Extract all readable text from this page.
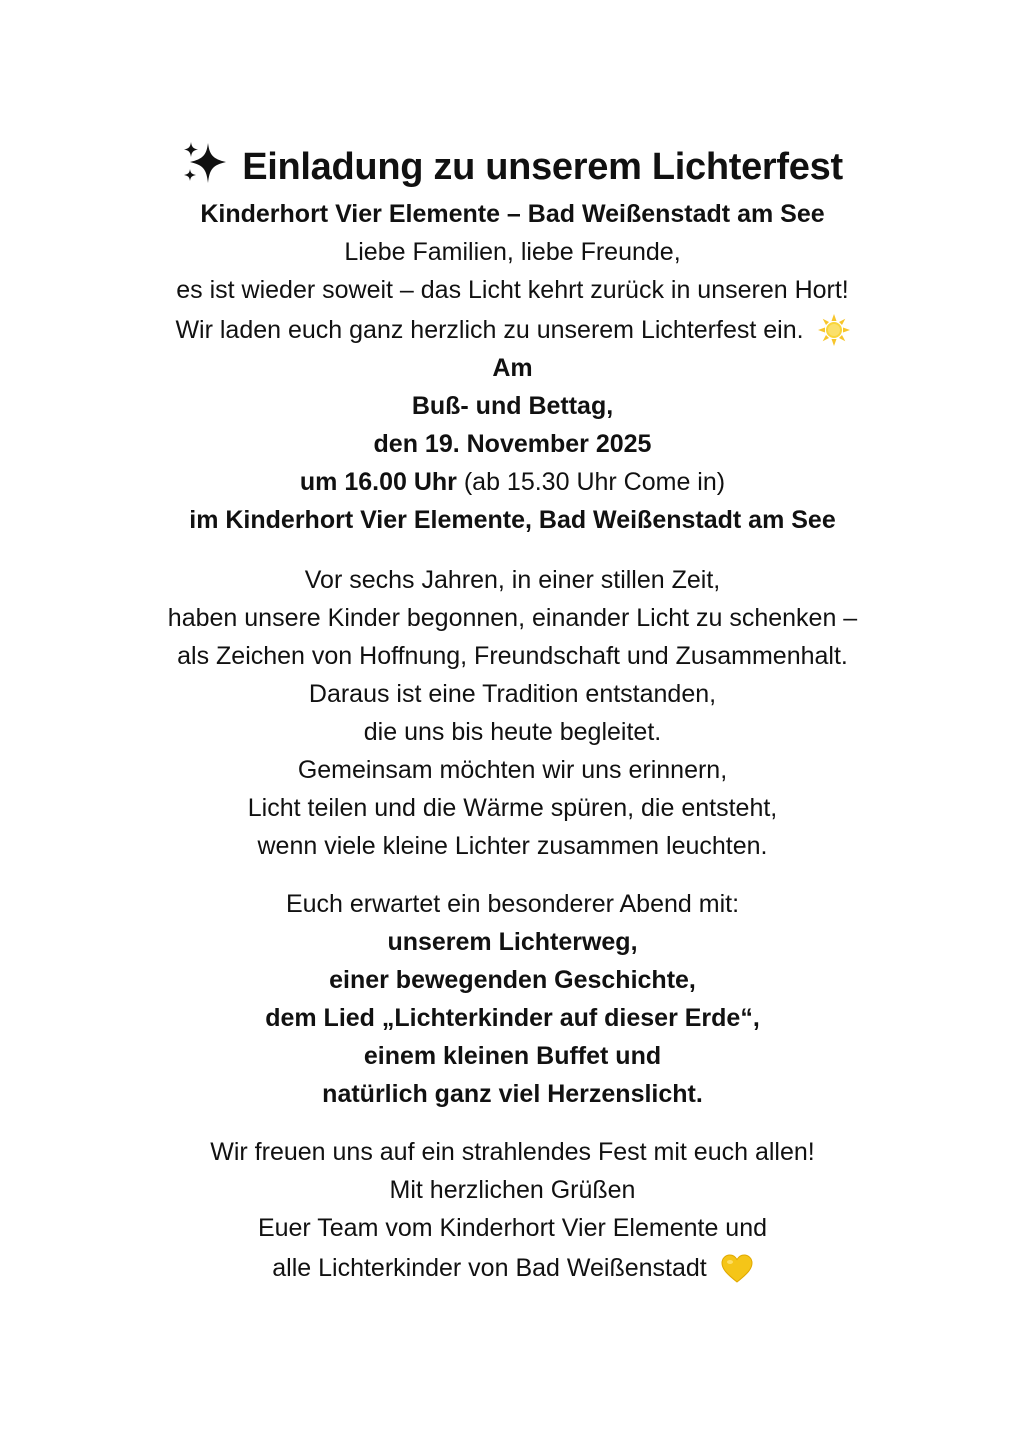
Einladung zu unserem Lichterfest
Kinderhort Vier Elemente – Bad Weißenstadt am See
Liebe Familien, liebe Freunde,
es ist wieder soweit – das Licht kehrt zurück in unseren Hort!
Wir laden euch ganz herzlich zu unserem Lichterfest ein.
Am
Buß- und Bettag,
den 19. November 2025
um 16.00 Uhr (ab 15.30 Uhr Come in)
im Kinderhort Vier Elemente, Bad Weißenstadt am See
Vor sechs Jahren, in einer stillen Zeit,
haben unsere Kinder begonnen, einander Licht zu schenken –
als Zeichen von Hoffnung, Freundschaft und Zusammenhalt.
Daraus ist eine Tradition entstanden,
die uns bis heute begleitet.
Gemeinsam möchten wir uns erinnern,
Licht teilen und die Wärme spüren, die entsteht,
wenn viele kleine Lichter zusammen leuchten.
Euch erwartet ein besonderer Abend mit:
unserem Lichterweg,
einer bewegenden Geschichte,
dem Lied „Lichterkinder auf dieser Erde“,
einem kleinen Buffet und
natürlich ganz viel Herzenslicht.
Wir freuen uns auf ein strahlendes Fest mit euch allen!
Mit herzlichen Grüßen
Euer Team vom Kinderhort Vier Elemente und
alle Lichterkinder von Bad Weißenstadt
